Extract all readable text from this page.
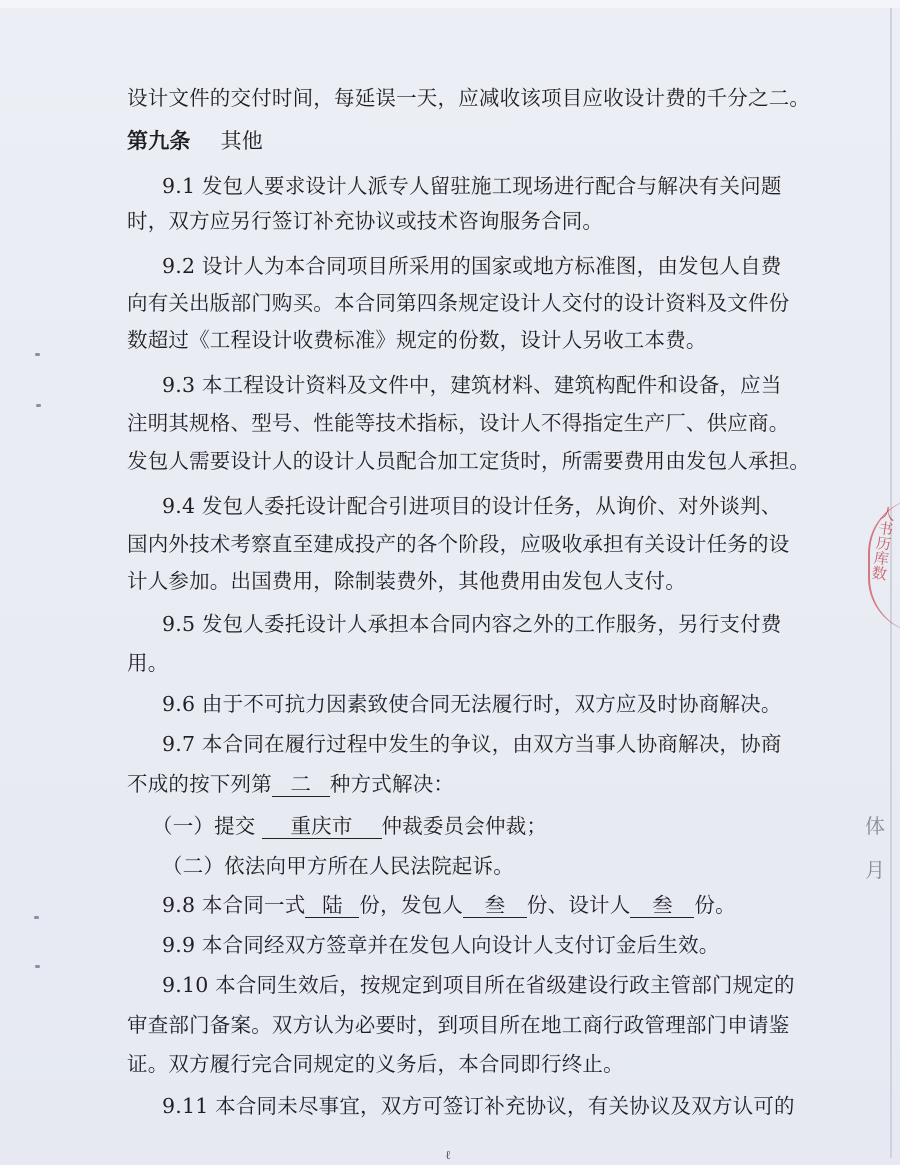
设计文件的交付时间，每延误一天，应减收该项目应收设计费的千分之二。
第九条 其他
9.1 发包人要求设计人派专人留驻施工现场进行配合与解决有关问题
时，双方应另行签订补充协议或技术咨询服务合同。
9.2 设计人为本合同项目所采用的国家或地方标准图，由发包人自费
向有关出版部门购买。本合同第四条规定设计人交付的设计资料及文件份
数超过《工程设计收费标准》规定的份数，设计人另收工本费。
9.3 本工程设计资料及文件中，建筑材料、建筑构配件和设备，应当
注明其规格、型号、性能等技术指标，设计人不得指定生产厂、供应商。
发包人需要设计人的设计人员配合加工定货时，所需要费用由发包人承担。
9.4 发包人委托设计配合引进项目的设计任务，从询价、对外谈判、
国内外技术考察直至建成投产的各个阶段，应吸收承担有关设计任务的设
计人参加。出国费用，除制装费外，其他费用由发包人支付。
9.5 发包人委托设计人承担本合同内容之外的工作服务，另行支付费
用。
9.6 由于不可抗力因素致使合同无法履行时，双方应及时协商解决。
9.7 本合同在履行过程中发生的争议，由双方当事人协商解决，协商
不成的按下列第 二 种方式解决：
（一）提交 重庆市 仲裁委员会仲裁；
（二）依法向甲方所在人民法院起诉。
9.8 本合同一式 陆 份，发包人 叁 份、设计人 叁 份。
9.9 本合同经双方签章并在发包人向设计人支付订金后生效。
9.10 本合同生效后，按规定到项目所在省级建设行政主管部门规定的
审查部门备案。双方认为必要时，到项目所在地工商行政管理部门申请鉴
证。双方履行完合同规定的义务后，本合同即行终止。
9.11 本合同未尽事宜，双方可签订补充协议，有关协议及双方认可的
人书历库数
体
月
ℓ
